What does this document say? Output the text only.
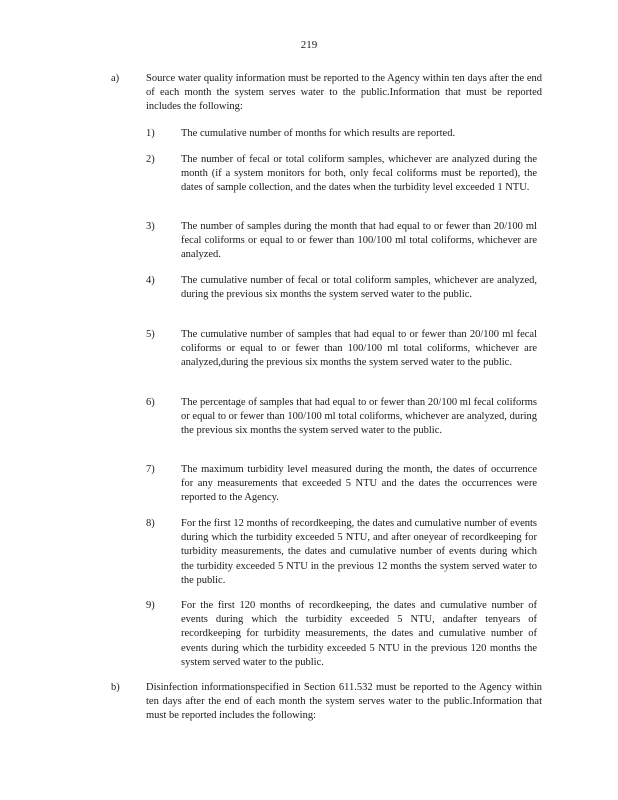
219
a)	Source water quality information must be reported to the Agency within ten days after the end of each month the system serves water to the public.Information that must be reported includes the following:
1)	The cumulative number of months for which results are reported.
2)	The number of fecal or total coliform samples, whichever are analyzed during the month (if a system monitors for both, only fecal coliforms must be reported), the dates of sample collection, and the dates when the turbidity level exceeded 1 NTU.
3)	The number of samples during the month that had equal to or fewer than 20/100 ml fecal coliforms or equal to or fewer than 100/100 ml total coliforms, whichever are analyzed.
4)	The cumulative number of fecal or total coliform samples, whichever are analyzed, during the previous six months the system served water to the public.
5)	The cumulative number of samples that had equal to or fewer than 20/100 ml fecal coliforms or equal to or fewer than 100/100 ml total coliforms, whichever are analyzed,during the previous six months the system served water to the public.
6)	The percentage of samples that had equal to or fewer than 20/100 ml fecal coliforms or equal to or fewer than 100/100 ml total coliforms, whichever are analyzed, during the previous six months the system served water to the public.
7)	The maximum turbidity level measured during the month, the dates of occurrence for any measurements that exceeded 5 NTU and the dates the occurrences were reported to the Agency.
8)	For the first 12 months of recordkeeping, the dates and cumulative number of events during which the turbidity exceeded 5 NTU, and after oneyear of recordkeeping for turbidity measurements, the dates and cumulative number of events during which the turbidity exceeded 5 NTU in the previous 12 months the system served water to the public.
9)	For the first 120 months of recordkeeping, the dates and cumulative number of events during which the turbidity exceeded 5 NTU, andafter tenyears of recordkeeping for turbidity measurements, the dates and cumulative number of events during which the turbidity exceeded 5 NTU in the previous 120 months the system served water to the public.
b)	Disinfection informationspecified in Section 611.532 must be reported to the Agency within ten days after the end of each month the system serves water to the public.Information that must be reported includes the following:
